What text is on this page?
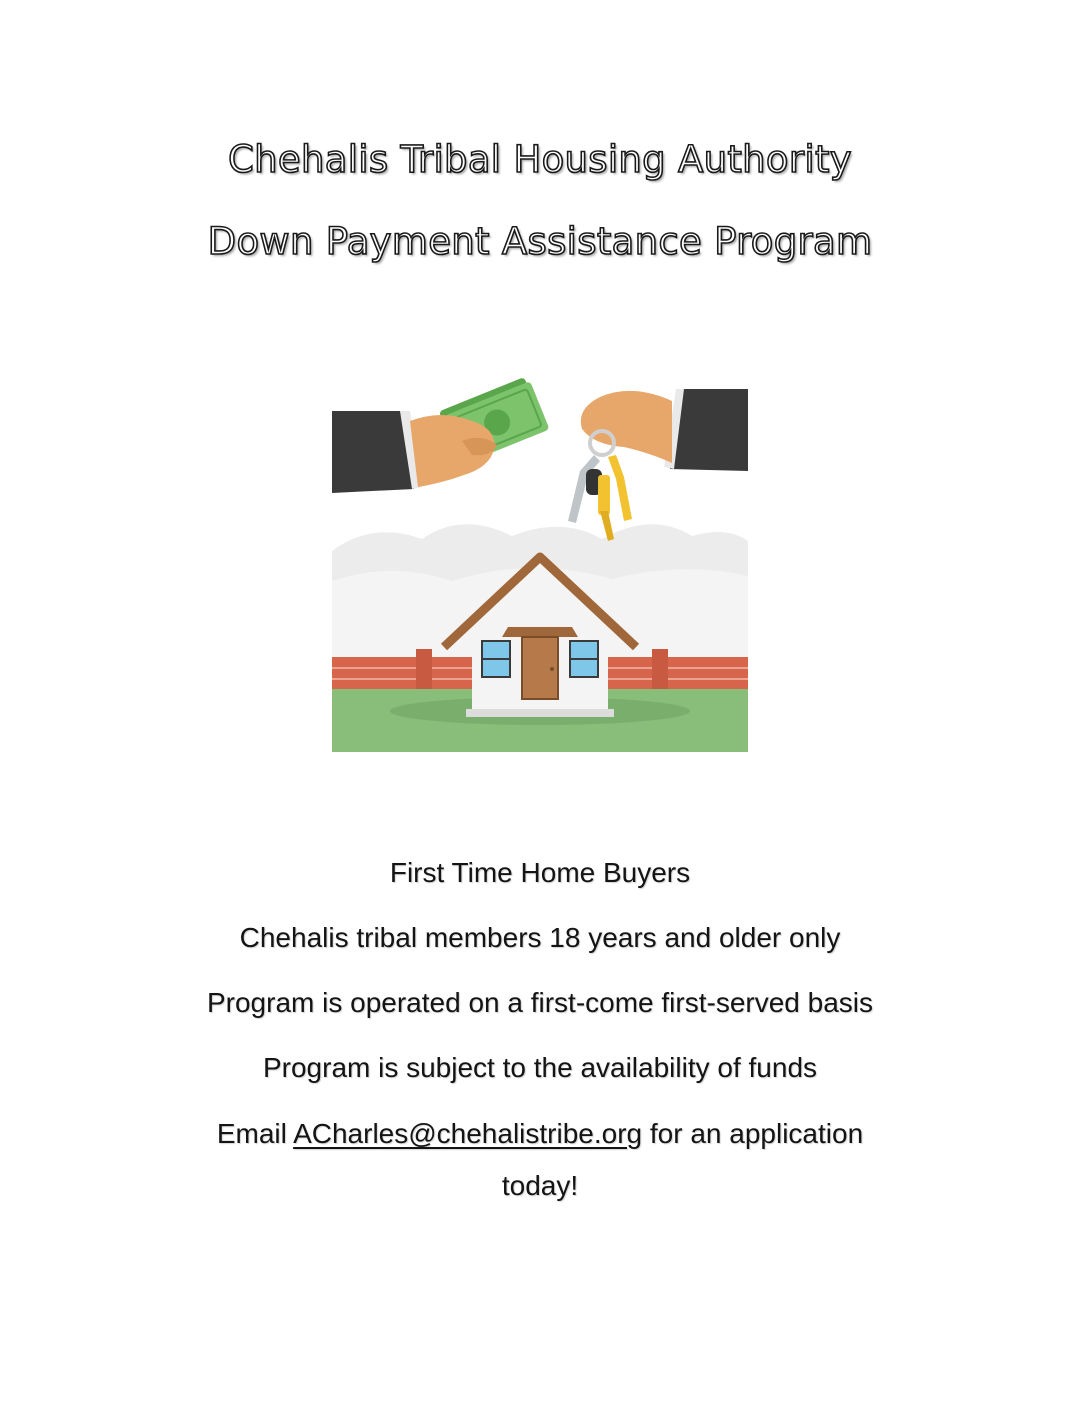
Chehalis Tribal Housing Authority
Down Payment Assistance Program
First Time Home Buyers
Chehalis tribal members 18 years and older only
Program is operated on a first-come first-served basis
Program is subject to the availability of funds
Email ACharles@chehalistribe.org for an application
today!
